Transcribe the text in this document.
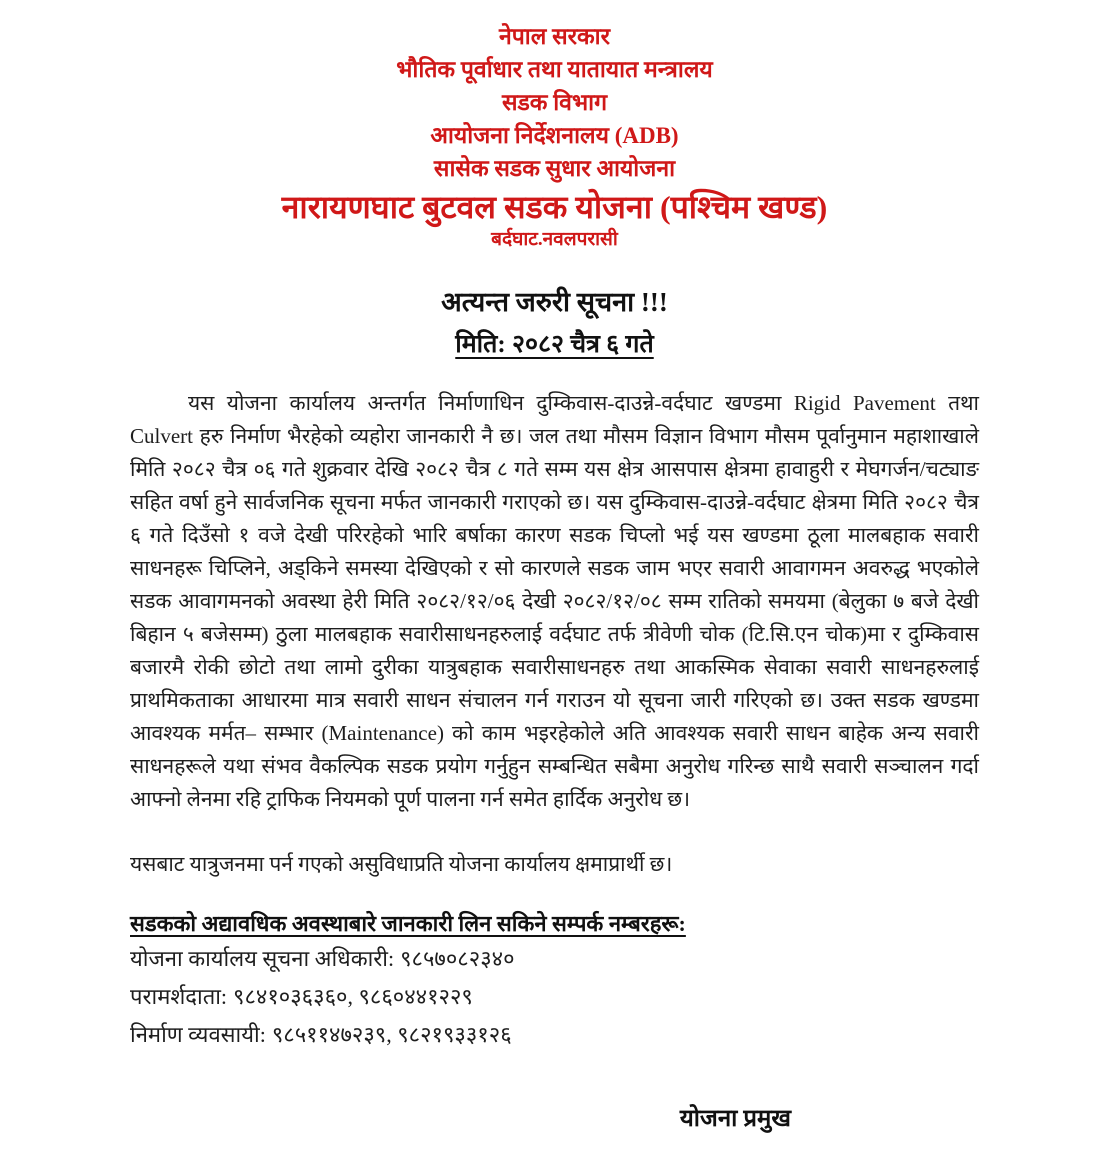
नेपाल सरकार
भौतिक पूर्वाधार तथा यातायात मन्त्रालय
सडक विभाग
आयोजना निर्देशनालय (ADB)
सासेक सडक सुधार आयोजना
नारायणघाट बुटवल सडक योजना (पश्चिम खण्ड)
बर्दघाट.नवलपरासी
अत्यन्त जरुरी सूचना !!!
मिति: २०८२ चैत्र ६ गते

यस योजना कार्यालय अन्तर्गत निर्माणाधिन दुम्किवास-दाउन्ने-वर्दघाट खण्डमा Rigid Pavement तथा Culvert हरु निर्माण भैरहेको व्यहोरा जानकारी नै छ। जल तथा मौसम विज्ञान विभाग मौसम पूर्वानुमान महाशाखाले मिति २०८२ चैत्र ०६ गते शुक्रवार देखि २०८२ चैत्र ८ गते सम्म यस क्षेत्र आसपास क्षेत्रमा हावाहुरी र मेघगर्जन/चट्याङ सहित वर्षा हुने सार्वजनिक सूचना मर्फत जानकारी गराएको छ। यस दुम्किवास-दाउन्ने-वर्दघाट क्षेत्रमा मिति २०८२ चैत्र ६ गते दिउँसो १ वजे देखी परिरहेको भारि बर्षाका कारण सडक चिप्लो भई यस खण्डमा ठूला मालबहाक सवारी साधनहरू चिप्लिने, अड्किने समस्या देखिएको र सो कारणले सडक जाम भएर सवारी आवागमन अवरुद्ध भएकोले सडक आवागमनको अवस्था हेरी मिति २०८२/१२/०६ देखी २०८२/१२/०८ सम्म रातिको समयमा (बेलुका ७ बजे देखी बिहान ५ बजेसम्म) ठुला मालबहाक सवारीसाधनहरुलाई वर्दघाट तर्फ त्रीवेणी चोक (टि.सि.एन चोक)मा र दुम्किवास बजारमै रोकी छोटो तथा लामो दुरीका यात्रुबहाक सवारीसाधनहरु तथा आकस्मिक सेवाका सवारी साधनहरुलाई प्राथमिकताका आधारमा मात्र सवारी साधन संचालन गर्न गराउन यो सूचना जारी गरिएको छ। उक्त सडक खण्डमा आवश्यक मर्मत– सम्भार (Maintenance) को काम भइरहेकोले अति आवश्यक सवारी साधन बाहेक अन्य सवारी साधनहरूले यथा संभव वैकल्पिक सडक प्रयोग गर्नुहुन सम्बन्धित सबैमा अनुरोध गरिन्छ साथै सवारी सञ्चालन गर्दा आफ्नो लेनमा रहि ट्राफिक नियमको पूर्ण पालना गर्न समेत हार्दिक अनुरोध छ।

यसबाट यात्रुजनमा पर्न गएको असुविधाप्रति योजना कार्यालय क्षमाप्रार्थी छ।

सडकको अद्यावधिक अवस्थाबारे जानकारी लिन सकिने सम्पर्क नम्बरहरू:
योजना कार्यालय सूचना अधिकारी: ९८५७०८२३४०
परामर्शदाता: ९८४१०३६३६०, ९८६०४४१२२९
निर्माण व्यवसायी: ९८५११४७२३९, ९८२१९३३१२६
योजना प्रमुख
